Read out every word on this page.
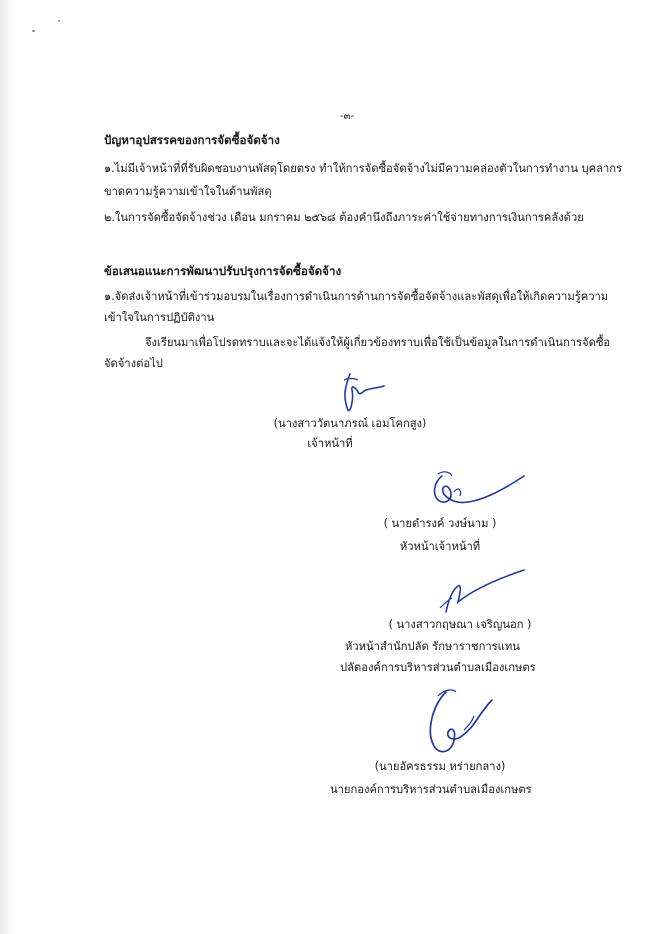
-๓-
ปัญหาอุปสรรคของการจัดซื้อจัดจ้าง
๑.ไม่มีเจ้าหน้าที่ที่รับผิดชอบงานพัสดุโดยตรง ทำให้การจัดซื้อจัดจ้างไม่มีความคล่องตัวในการทำงาน บุคลากร
ขาดความรู้ความเข้าใจในด้านพัสดุ
๒.ในการจัดซื้อจัดจ้างช่วง เดือน มกราคม ๒๕๖๘ ต้องคำนึงถึงภาระค่าใช้จ่ายทางการเงินการคลังด้วย
ข้อเสนอแนะการพัฒนาปรับปรุงการจัดซื้อจัดจ้าง
๑.จัดส่งเจ้าหน้าที่เข้าร่วมอบรมในเรื่องการดำเนินการด้านการจัดซื้อจัดจ้างและพัสดุเพื่อให้เกิดความรู้ความ
เข้าใจในการปฏิบัติงาน
จึงเรียนมาเพื่อโปรดทราบและจะได้แจ้งให้ผู้เกี่ยวข้องทราบเพื่อใช้เป็นข้อมูลในการดำเนินการจัดซื้อ
จัดจ้างต่อไป
(นางสาววัตนาภรณ์ เอมโคกสูง)
เจ้าหน้าที่
( นายดำรงค์ วงษ์นาม )
หัวหน้าเจ้าหน้าที่
( นางสาวกฤษณา เจริญนอก )
หัวหน้าสำนักปลัด รักษาราชการแทน
ปลัดองค์การบริหารส่วนตำบลเมืองเกษตร
(นายอัครธรรม หร่ายกลาง)
นายกองค์การบริหารส่วนตำบลเมืองเกษตร
